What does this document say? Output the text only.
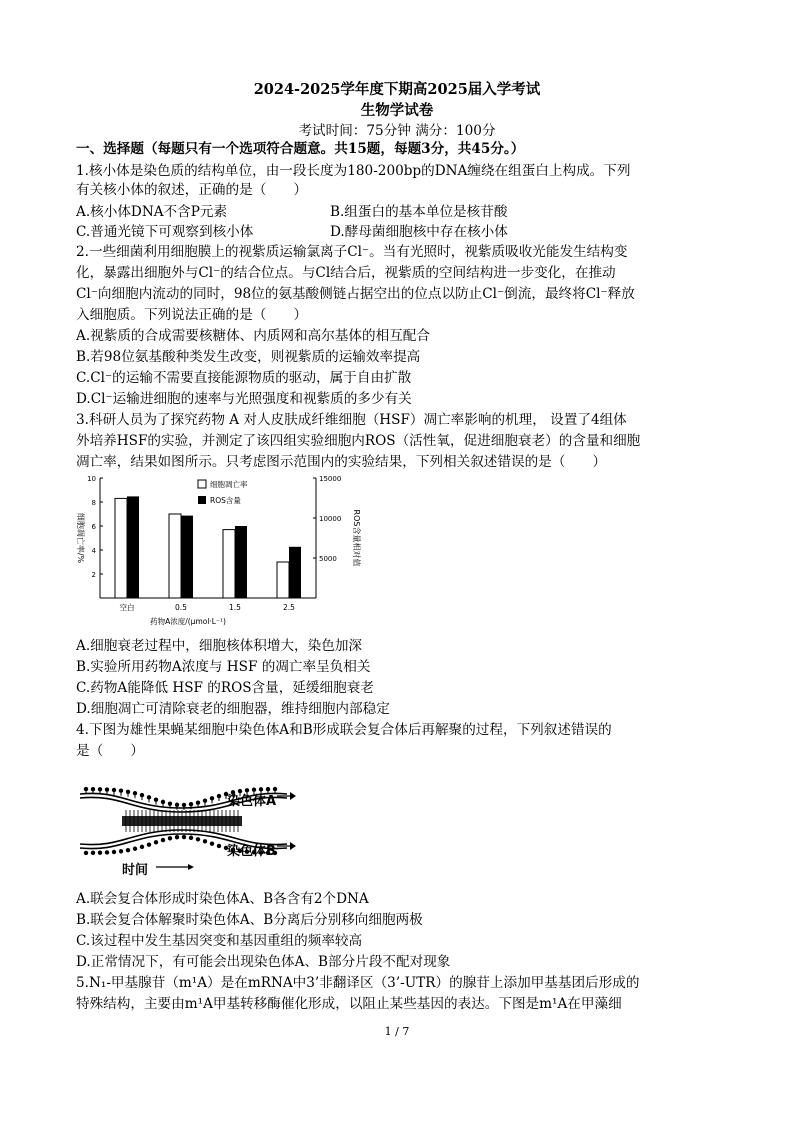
2024-2025学年度下期高2025届入学考试
生物学试卷
考试时间：75分钟 满分：100分
一、选择题（每题只有一个选项符合题意。共15题，每题3分，共45分。）
1.核小体是染色质的结构单位，由一段长度为180-200bp的DNA缠绕在组蛋白上构成。下列
有关核小体的叙述，正确的是（　　）
A.核小体DNA不含P元素	B.组蛋白的基本单位是核苷酸
C.普通光镜下可观察到核小体	D.酵母菌细胞核中存在核小体
2.一些细菌利用细胞膜上的视紫质运输氯离子Cl⁻。当有光照时，视紫质吸收光能发生结构变
化，暴露出细胞外与Cl⁻的结合位点。与Cl结合后，视紫质的空间结构进一步变化，在推动
Cl⁻向细胞内流动的同时，98位的氨基酸侧链占据空出的位点以防止Cl⁻倒流，最终将Cl⁻释放
入细胞质。下列说法正确的是（　　）
A.视紫质的合成需要核糖体、内质网和高尔基体的相互配合
B.若98位氨基酸种类发生改变，则视紫质的运输效率提高
C.Cl⁻的运输不需要直接能源物质的驱动，属于自由扩散
D.Cl⁻运输进细胞的速率与光照强度和视紫质的多少有关
3.科研人员为了探究药物 A 对人皮肤成纤维细胞（HSF）凋亡率影响的机理， 设置了4组体
外培养HSF的实验，并测定了该四组实验细胞内ROS（活性氧，促进细胞衰老）的含量和细胞
凋亡率，结果如图所示。只考虑图示范围内的实验结果，下列相关叙述错误的是（　　）
2
4
6
8
10
5000
10000
15000
空白	0.5	1.5	2.5
药物A浓度/(μmol·L⁻¹)
细胞凋亡率/%	ROS含量相对值
细胞凋亡率
ROS含量
A.细胞衰老过程中，细胞核体积增大，染色加深
B.实验所用药物A浓度与 HSF 的凋亡率呈负相关
C.药物A能降低 HSF 的ROS含量，延缓细胞衰老
D.细胞凋亡可清除衰老的细胞器，维持细胞内部稳定
4.下图为雄性果蝇某细胞中染色体A和B形成联会复合体后再解聚的过程，下列叙述错误的
是（　　）
染色体A
染色体B
时间
A.联会复合体形成时染色体A、B各含有2个DNA
B.联会复合体解聚时染色体A、B分离后分别移向细胞两极
C.该过程中发生基因突变和基因重组的频率较高
D.正常情况下，有可能会出现染色体A、B部分片段不配对现象
5.N₁-甲基腺苷（m¹A）是在mRNA中3’非翻译区（3’-UTR）的腺苷上添加甲基基团后形成的
特殊结构，主要由m¹A甲基转移酶催化形成，以阻止某些基因的表达。下图是m¹A在甲藻细
1 / 7
